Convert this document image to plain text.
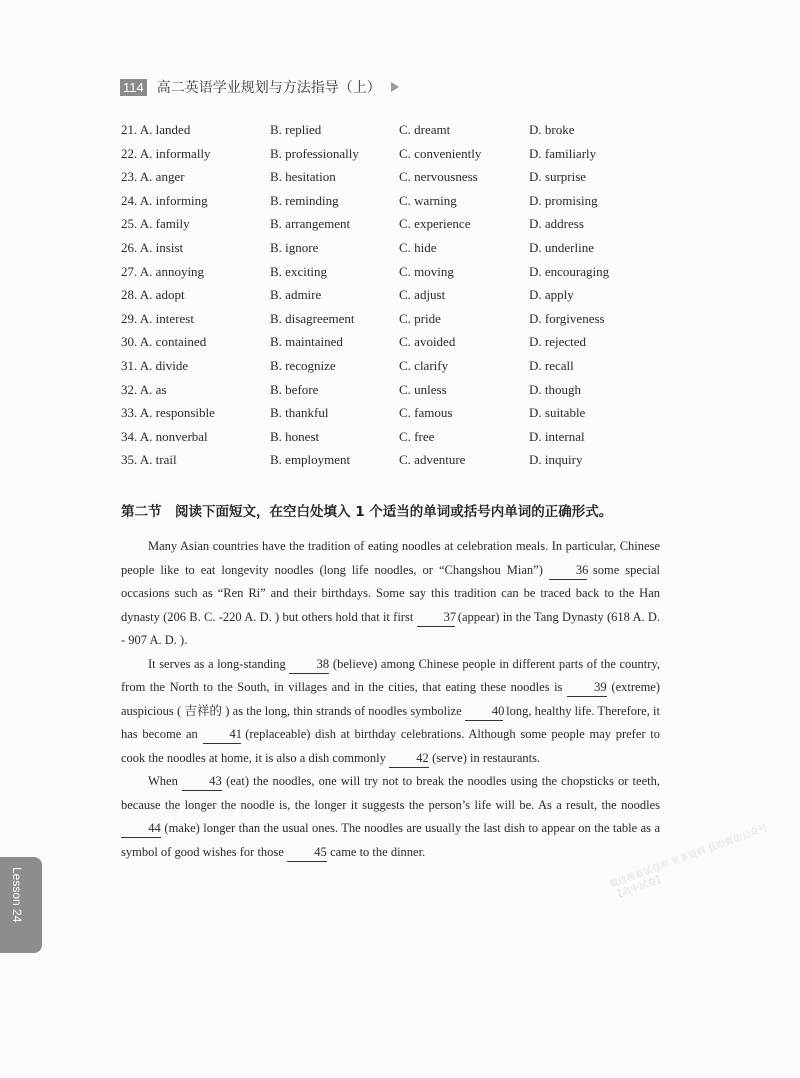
114 高二英语学业规划与方法指导（上）
21. A. landed	B. replied	C. dreamt	D. broke
22. A. informally	B. professionally	C. conveniently	D. familiarly
23. A. anger	B. hesitation	C. nervousness	D. surprise
24. A. informing	B. reminding	C. warning	D. promising
25. A. family	B. arrangement	C. experience	D. address
26. A. insist	B. ignore	C. hide	D. underline
27. A. annoying	B. exciting	C. moving	D. encouraging
28. A. adopt	B. admire	C. adjust	D. apply
29. A. interest	B. disagreement	C. pride	D. forgiveness
30. A. contained	B. maintained	C. avoided	D. rejected
31. A. divide	B. recognize	C. clarify	D. recall
32. A. as	B. before	C. unless	D. though
33. A. responsible	B. thankful	C. famous	D. suitable
34. A. nonverbal	B. honest	C. free	D. internal
35. A. trail	B. employment	C. adventure	D. inquiry
第二节　阅读下面短文，在空白处填入 1 个适当的单词或括号内单词的正确形式。

Many Asian countries have the tradition of eating noodles at celebration meals. In particular, Chinese people like to eat longevity noodles (long life noodles, or “Changshou Mian”) 36 some special occasions such as “Ren Ri” and their birthdays. Some say this tradition can be traced back to the Han dynasty (206 B. C. -220 A. D. ) but others hold that it first 37 (appear) in the Tang Dynasty (618 A. D. - 907 A. D. ).

It serves as a long-standing 38 (believe) among Chinese people in different parts of the country, from the North to the South, in villages and in the cities, that eating these noodles is 39 (extreme) auspicious ( 吉祥的 ) as the long, thin strands of noodles symbolize 40 long, healthy life. Therefore, it has become an 41 (replaceable) dish at birthday celebrations. Although some people may prefer to cook the noodles at home, it is also a dish commonly 42 (serve) in restaurants.

When 43 (eat) the noodles, one will try not to break the noodles using the chopsticks or teeth, because the longer the noodle is, the longer it suggests the person’s life will be. As a result, the noodles 44 (make) longer than the usual ones. The noodles are usually the last dish to appear on the table as a symbol of good wishes for those 45 came to the dinner.

Lesson 24
微信搜索试卷库 更多资料 获取微信公众号【高中试卷】
